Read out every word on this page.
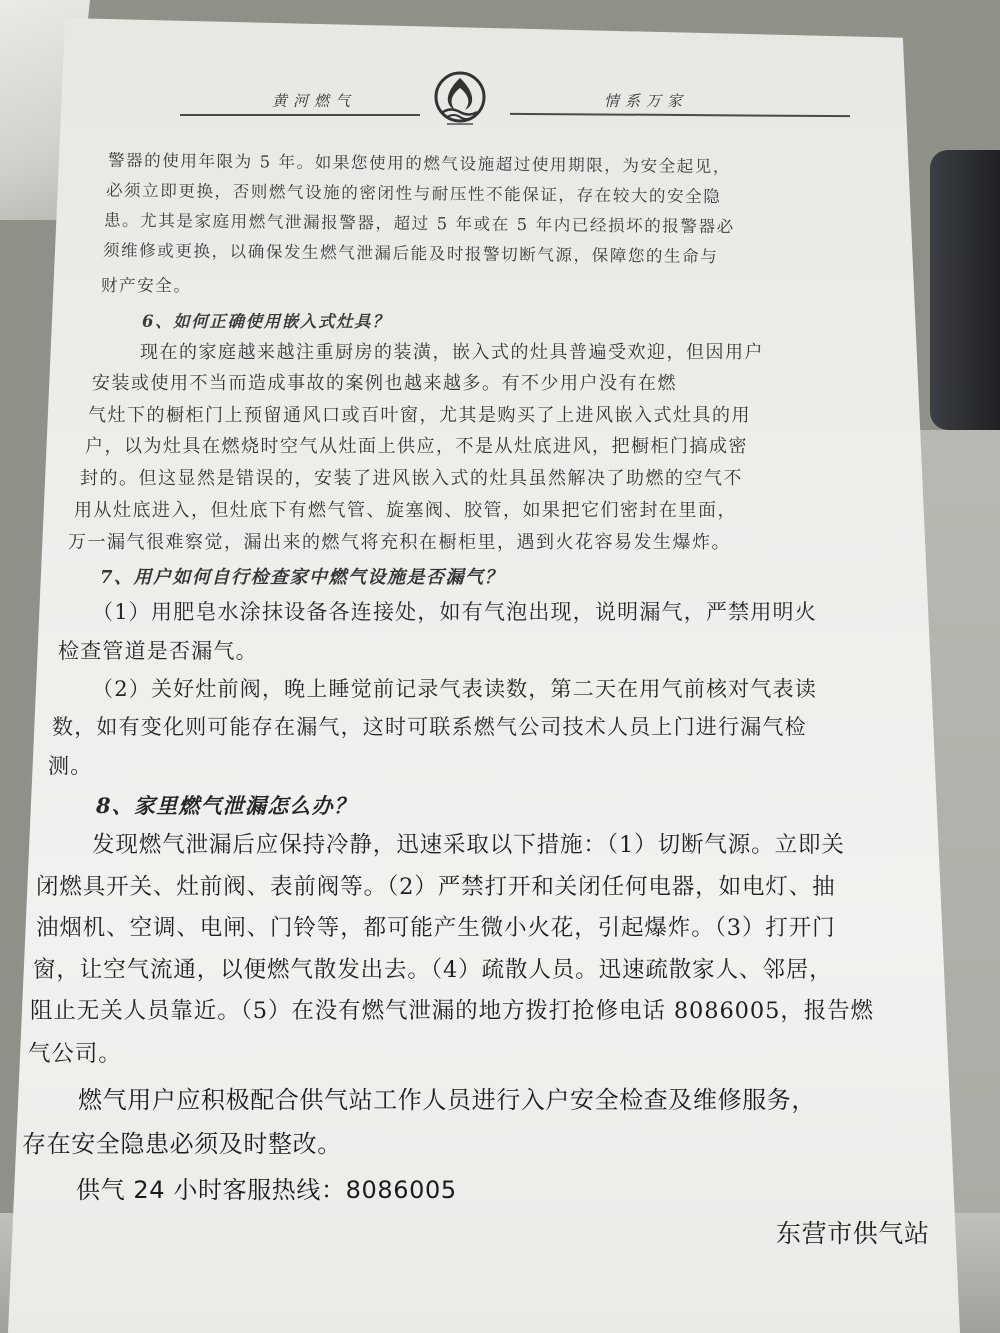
黄河燃气	情系万家
警器的使用年限为 5 年。如果您使用的燃气设施超过使用期限，为安全起见，
必须立即更换，否则燃气设施的密闭性与耐压性不能保证，存在较大的安全隐
患。尤其是家庭用燃气泄漏报警器，超过 5 年或在 5 年内已经损坏的报警器必
须维修或更换，以确保发生燃气泄漏后能及时报警切断气源，保障您的生命与
财产安全。
6、如何正确使用嵌入式灶具？
现在的家庭越来越注重厨房的装潢，嵌入式的灶具普遍受欢迎，但因用户
安装或使用不当而造成事故的案例也越来越多。有不少用户没有在燃
气灶下的橱柜门上预留通风口或百叶窗，尤其是购买了上进风嵌入式灶具的用
户，以为灶具在燃烧时空气从灶面上供应，不是从灶底进风，把橱柜门搞成密
封的。但这显然是错误的，安装了进风嵌入式的灶具虽然解决了助燃的空气不
用从灶底进入，但灶底下有燃气管、旋塞阀、胶管，如果把它们密封在里面，
万一漏气很难察觉，漏出来的燃气将充积在橱柜里，遇到火花容易发生爆炸。
7、用户如何自行检查家中燃气设施是否漏气？
（1）用肥皂水涂抹设备各连接处，如有气泡出现，说明漏气，严禁用明火
检查管道是否漏气。
（2）关好灶前阀，晚上睡觉前记录气表读数，第二天在用气前核对气表读
数，如有变化则可能存在漏气，这时可联系燃气公司技术人员上门进行漏气检
测。
8、家里燃气泄漏怎么办？
发现燃气泄漏后应保持冷静，迅速采取以下措施：（1）切断气源。立即关
闭燃具开关、灶前阀、表前阀等。（2）严禁打开和关闭任何电器，如电灯、抽
油烟机、空调、电闸、门铃等，都可能产生微小火花，引起爆炸。（3）打开门
窗，让空气流通，以便燃气散发出去。（4）疏散人员。迅速疏散家人、邻居，
阻止无关人员靠近。（5）在没有燃气泄漏的地方拨打抢修电话 8086005，报告燃
气公司。
燃气用户应积极配合供气站工作人员进行入户安全检查及维修服务，
存在安全隐患必须及时整改。
供气 24 小时客服热线：8086005
东营市供气站
